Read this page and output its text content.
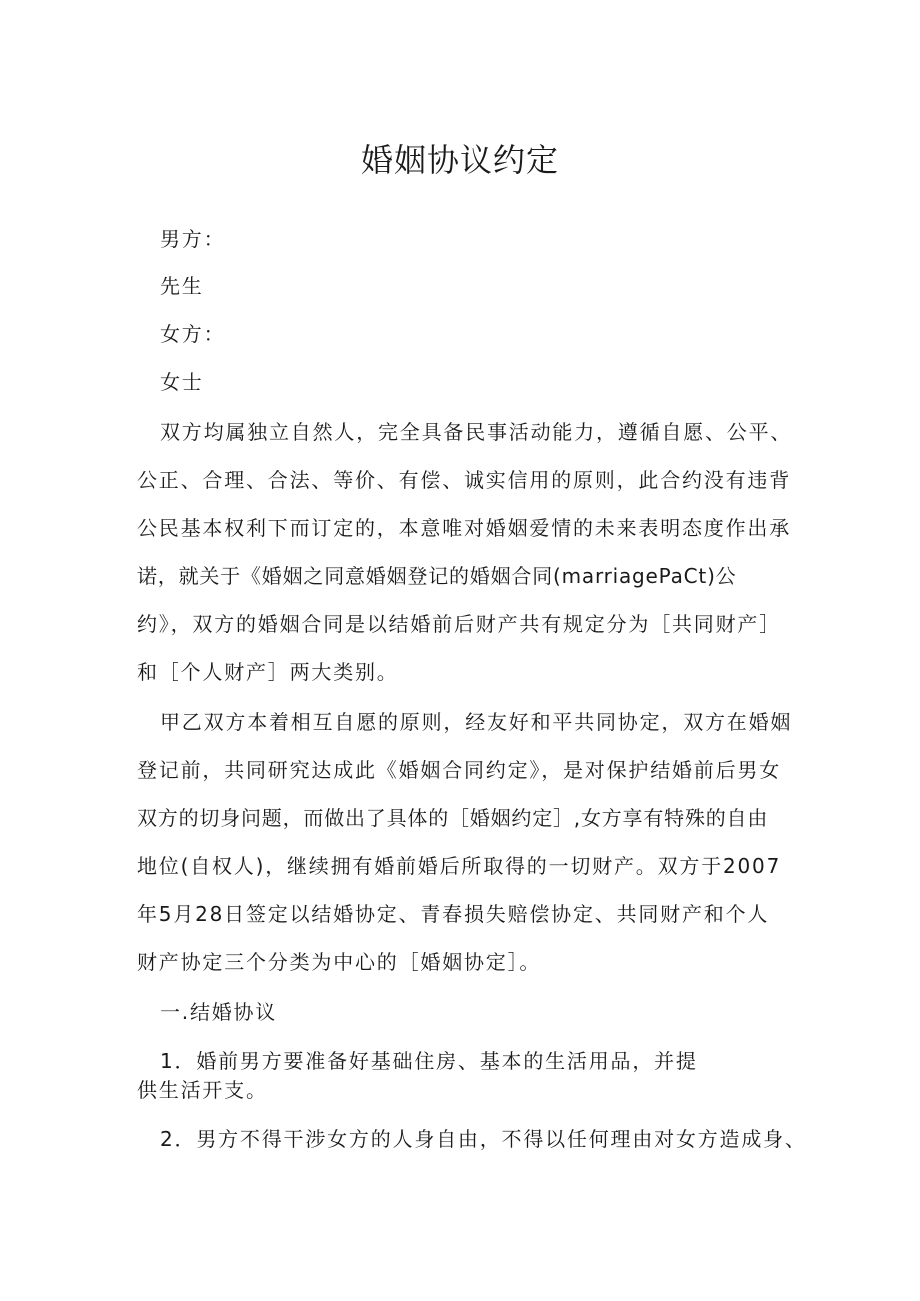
婚姻协议约定
男方：
先生
女方：
女士
双方均属独立自然人，完全具备民事活动能力，遵循自愿、公平、
公正、合理、合法、等价、有偿、诚实信用的原则，此合约没有违背
公民基本权利下而订定的，本意唯对婚姻爱情的未来表明态度作出承
诺，就关于《婚姻之同意婚姻登记的婚姻合同(marriagePaCt)公
约》，双方的婚姻合同是以结婚前后财产共有规定分为［共同财产］
和［个人财产］两大类别。
甲乙双方本着相互自愿的原则，经友好和平共同协定，双方在婚姻
登记前，共同研究达成此《婚姻合同约定》，是对保护结婚前后男女
双方的切身问题，而做出了具体的［婚姻约定］,女方享有特殊的自由
地位(自权人)，继续拥有婚前婚后所取得的一切财产。双方于2007
年5月28日签定以结婚协定、青春损失赔偿协定、共同财产和个人
财产协定三个分类为中心的［婚姻协定］。
一.结婚协议
1．婚前男方要准备好基础住房、基本的生活用品，并提
供生活开支。
2．男方不得干涉女方的人身自由，不得以任何理由对女方造成身、
